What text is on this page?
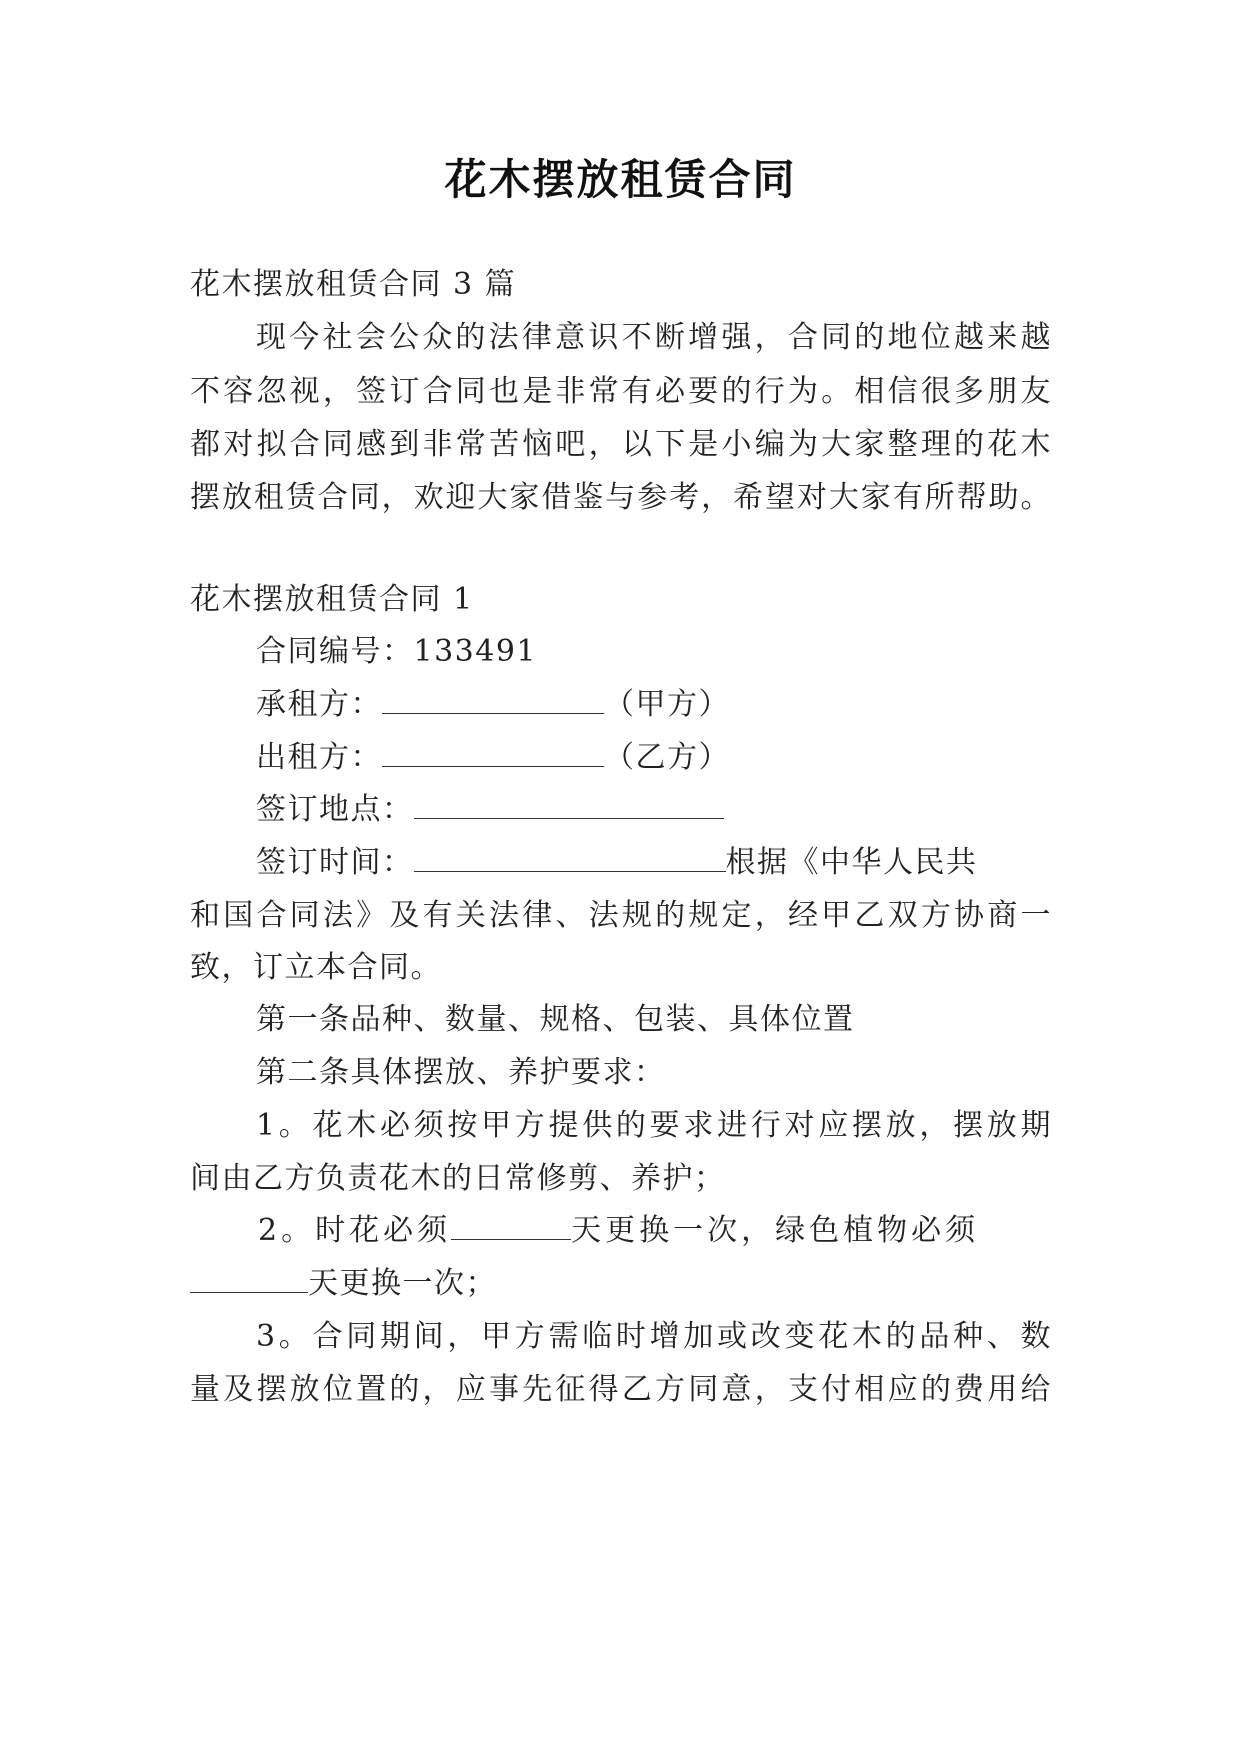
花木摆放租赁合同
花木摆放租赁合同 3 篇
现今社会公众的法律意识不断增强，合同的地位越来越
不容忽视，签订合同也是非常有必要的行为。相信很多朋友
都对拟合同感到非常苦恼吧，以下是小编为大家整理的花木
摆放租赁合同，欢迎大家借鉴与参考，希望对大家有所帮助。
花木摆放租赁合同 1
合同编号：133491
承租方：	（甲方）
出租方：	（乙方）
签订地点：
签订时间：	根据《中华人民共
和国合同法》及有关法律、法规的规定，经甲乙双方协商一
致，订立本合同。
第一条品种、数量、规格、包装、具体位置
第二条具体摆放、养护要求：
1。花木必须按甲方提供的要求进行对应摆放，摆放期
间由乙方负责花木的日常修剪、养护；
2。时花必须	天更换一次，绿色植物必须
天更换一次；
3。合同期间，甲方需临时增加或改变花木的品种、数
量及摆放位置的，应事先征得乙方同意，支付相应的费用给
